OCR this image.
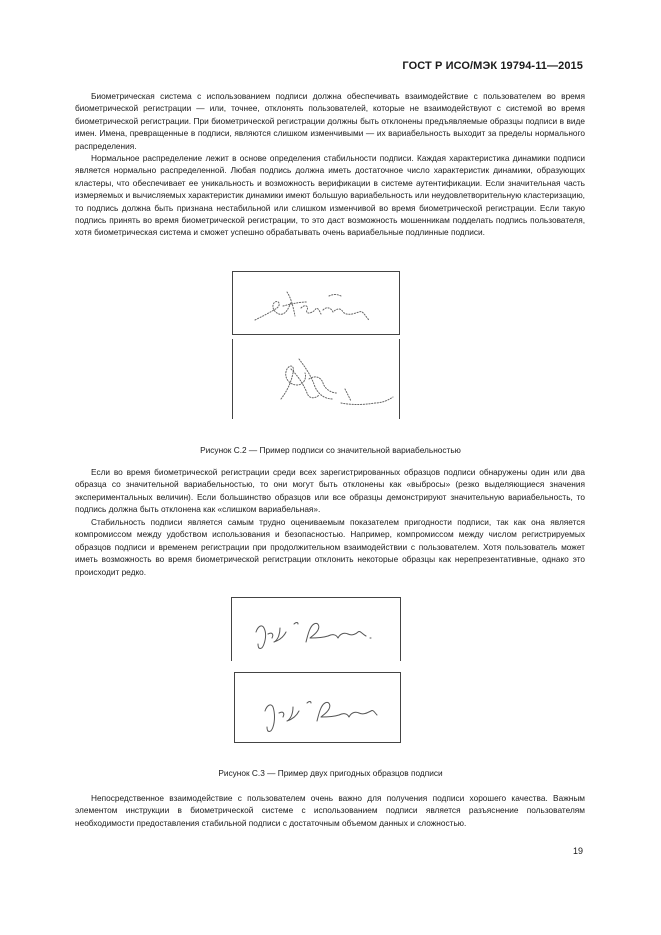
ГОСТ Р ИСО/МЭК 19794-11—2015

Биометрическая система с использованием подписи должна обеспечивать взаимодействие с пользователем во время биометрической регистрации — или, точнее, отклонять пользователей, которые не взаимодействуют с системой во время биометрической регистрации. При биометрической регистрации должны быть отклонены предъявляемые образцы подписи в виде имен. Имена, превращенные в подписи, являются слишком изменчивыми — их вариабельность выходит за пределы нормального распределения.

Нормальное распределение лежит в основе определения стабильности подписи. Каждая характеристика динамики подписи является нормально распределенной. Любая подпись должна иметь достаточное число характеристик динамики, образующих кластеры, что обеспечивает ее уникальность и возможность верификации в системе аутентификации. Если значительная часть измеряемых и вычисляемых характеристик динамики имеют большую вариабельность или неудовлетворительную кластеризацию, то подпись должна быть признана нестабильной или слишком изменчивой во время биометрической регистрации. Если такую подпись принять во время биометрической регистрации, то это даст возможность мошенникам подделать подпись пользователя, хотя биометрическая система и сможет успешно обрабатывать очень вариабельные подлинные подписи.

Рисунок С.2 — Пример подписи со значительной вариабельностью

Если во время биометрической регистрации среди всех зарегистрированных образцов подписи обнаружены один или два образца со значительной вариабельностью, то они могут быть отклонены как «выбросы» (резко выделяющиеся значения экспериментальных величин). Если большинство образцов или все образцы демонстрируют значительную вариабельность, то подпись должна быть отклонена как «слишком вариабельная».

Стабильность подписи является самым трудно оцениваемым показателем пригодности подписи, так как она является компромиссом между удобством использования и безопасностью. Например, компромиссом между числом регистрируемых образцов подписи и временем регистрации при продолжительном взаимодействии с пользователем. Хотя пользователь может иметь возможность во время биометрической регистрации отклонить некоторые образцы как нерепрезентативные, однако это происходит редко.

Рисунок С.3 — Пример двух пригодных образцов подписи

Непосредственное взаимодействие с пользователем очень важно для получения подписи хорошего качества. Важным элементом инструкции в биометрической системе с использованием подписи является разъяснение пользователям необходимости предоставления стабильной подписи с достаточным объемом данных и сложностью.

19
